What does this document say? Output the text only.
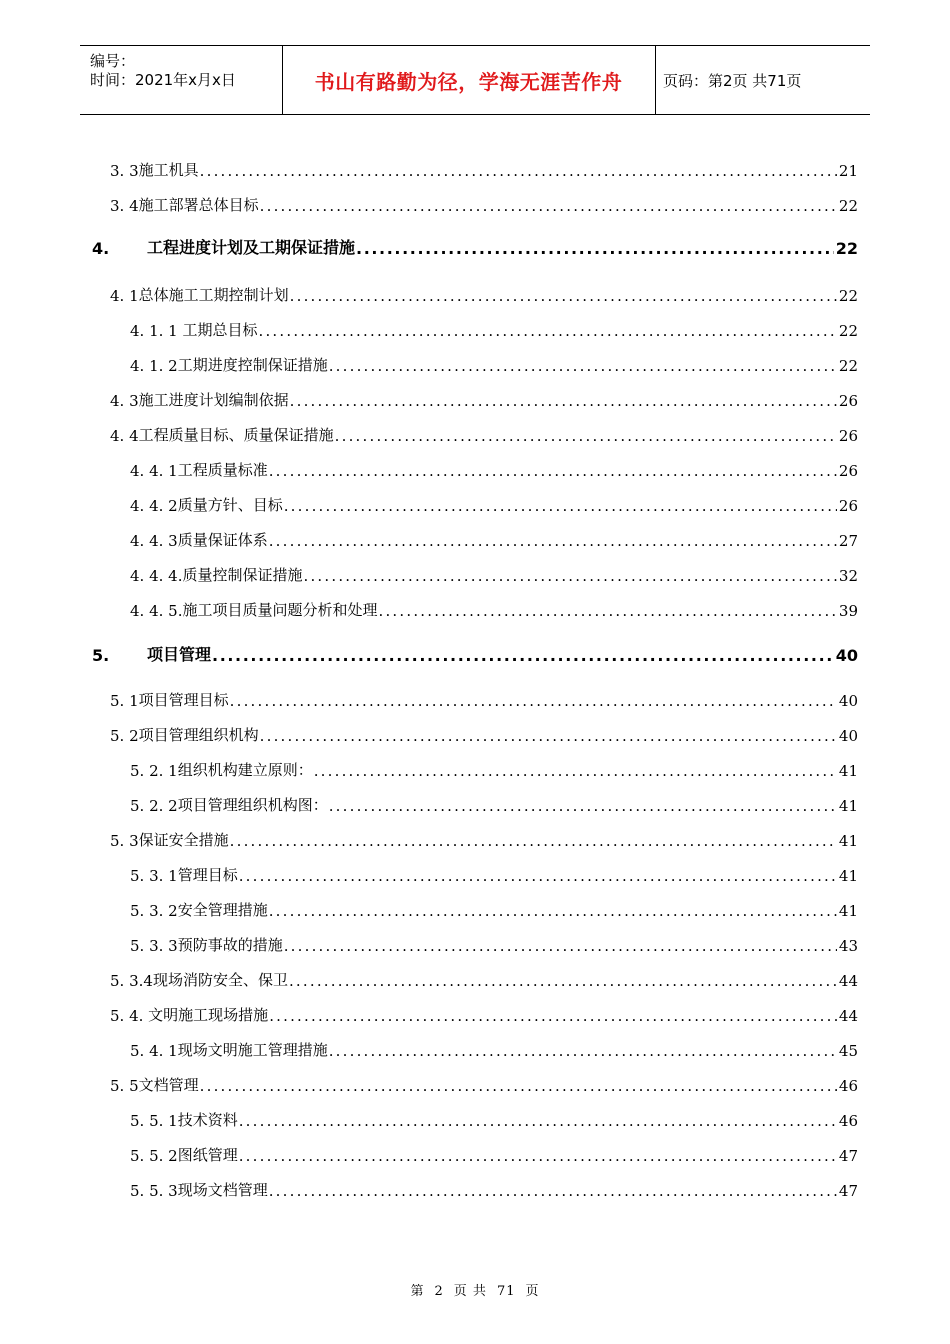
编号：
时间：2021年x月x日	书山有路勤为径，学海无涯苦作舟	页码：第2页 共71页
3. 3 施工机具 .....	21
3. 4 施工部署总体目标 .....	22
4.	工程进度计划及工期保证措施 .....	22
4. 1 总体施工工期控制计划 .....	22
4. 1. 1 工期总目标 .....	22
4. 1. 2 工期进度控制保证措施 .....	22
4. 3 施工进度计划编制依据 .....	26
4. 4 工程质量目标、质量保证措施 .....	26
4. 4. 1 工程质量标准 .....	26
4. 4. 2 质量方针、目标 .....	26
4. 4. 3 质量保证体系 .....	27
4. 4. 4. 质量控制保证措施 .....	32
4. 4. 5. 施工项目质量问题分析和处理 .....	39
5.	项目管理 .....	40
5. 1 项目管理目标 .....	40
5. 2 项目管理组织机构 .....	40
5. 2. 1 组织机构建立原则： .....	41
5. 2. 2 项目管理组织机构图： .....	41
5. 3 保证安全措施 .....	41
5. 3. 1 管理目标 .....	41
5. 3. 2 安全管理措施 .....	41
5. 3. 3 预防事故的措施 .....	43
5. 3.4 现场消防安全、保卫 .....	44
5. 4. 文明施工现场措施 .....	44
5. 4. 1 现场文明施工管理措施 .....	45
5. 5 文档管理 .....	46
5. 5. 1 技术资料 .....	46
5. 5. 2 图纸管理 .....	47
5. 5. 3 现场文档管理 .....	47
第 2 页 共 71 页
